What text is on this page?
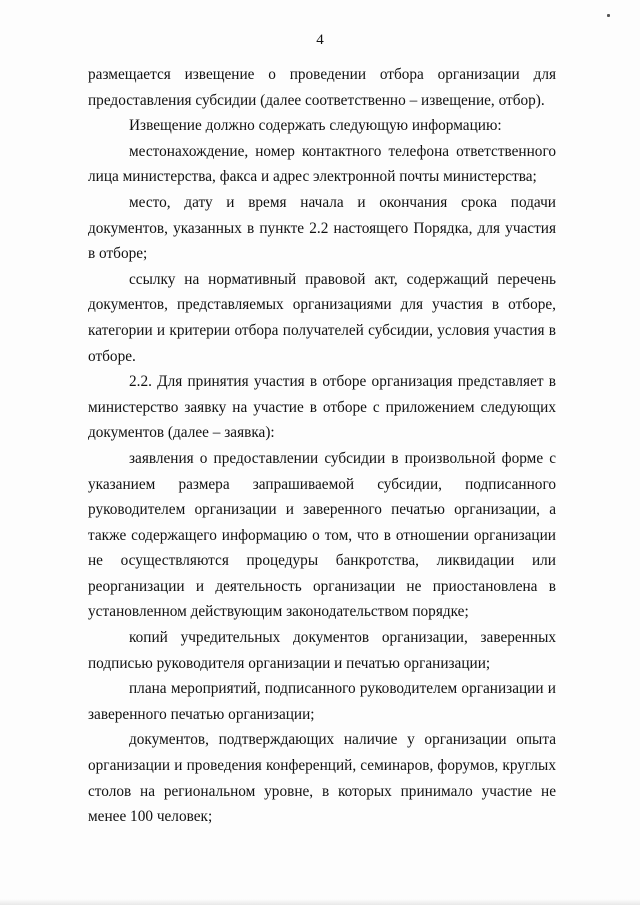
4

размещается извещение о проведении отбора организации для предоставления субсидии (далее соответственно – извещение, отбор).

Извещение должно содержать следующую информацию:

местонахождение, номер контактного телефона ответственного лица министерства, факса и адрес электронной почты министерства;

место, дату и время начала и окончания срока подачи документов, указанных в пункте 2.2 настоящего Порядка, для участия в отборе;

ссылку на нормативный правовой акт, содержащий перечень документов, представляемых организациями для участия в отборе, категории и критерии отбора получателей субсидии, условия участия в отборе.

2.2. Для принятия участия в отборе организация представляет в министерство заявку на участие в отборе с приложением следующих документов (далее – заявка):

заявления о предоставлении субсидии в произвольной форме с указанием размера запрашиваемой субсидии, подписанного руководителем организации и заверенного печатью организации, а также содержащего информацию о том, что в отношении организации не осуществляются процедуры банкротства, ликвидации или реорганизации и деятельность организации не приостановлена в установленном действующим законодательством порядке;

копий учредительных документов организации, заверенных подписью руководителя организации и печатью организации;

плана мероприятий, подписанного руководителем организации и заверенного печатью организации;

документов, подтверждающих наличие у организации опыта организации и проведения конференций, семинаров, форумов, круглых столов на региональном уровне, в которых принимало участие не менее 100 человек;
